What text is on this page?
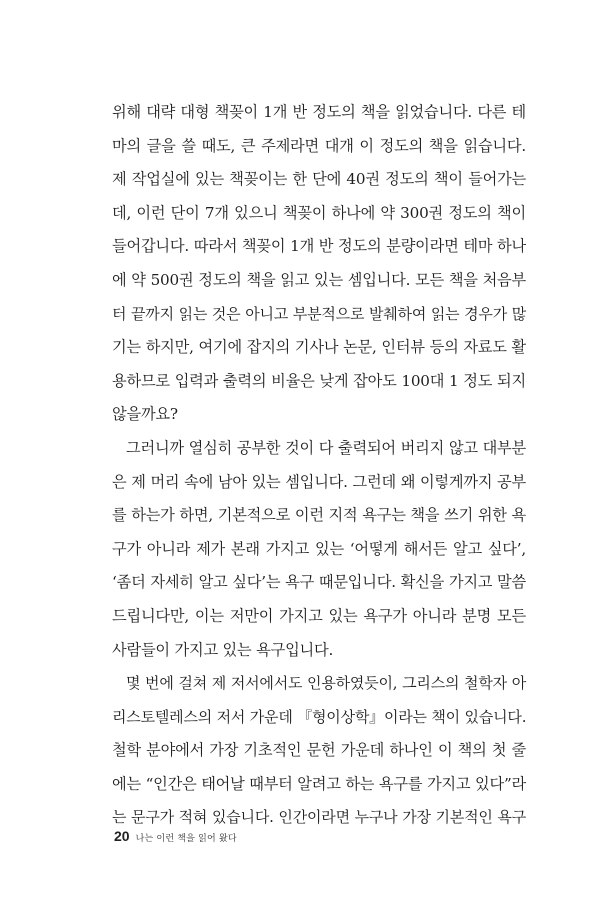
위해 대략 대형 책꽂이 1개 반 정도의 책을 읽었습니다. 다른 테
마의 글을 쓸 때도, 큰 주제라면 대개 이 정도의 책을 읽습니다.
제 작업실에 있는 책꽂이는 한 단에 40권 정도의 책이 들어가는
데, 이런 단이 7개 있으니 책꽂이 하나에 약 300권 정도의 책이
들어갑니다. 따라서 책꽂이 1개 반 정도의 분량이라면 테마 하나
에 약 500권 정도의 책을 읽고 있는 셈입니다. 모든 책을 처음부
터 끝까지 읽는 것은 아니고 부분적으로 발췌하여 읽는 경우가 많
기는 하지만, 여기에 잡지의 기사나 논문, 인터뷰 등의 자료도 활
용하므로 입력과 출력의 비율은 낮게 잡아도 100대 1 정도 되지
않을까요?
그러니까 열심히 공부한 것이 다 출력되어 버리지 않고 대부분
은 제 머리 속에 남아 있는 셈입니다. 그런데 왜 이렇게까지 공부
를 하는가 하면, 기본적으로 이런 지적 욕구는 책을 쓰기 위한 욕
구가 아니라 제가 본래 가지고 있는 ‘어떻게 해서든 알고 싶다’,
‘좀더 자세히 알고 싶다’는 욕구 때문입니다. 확신을 가지고 말씀
드립니다만, 이는 저만이 가지고 있는 욕구가 아니라 분명 모든
사람들이 가지고 있는 욕구입니다.
몇 번에 걸쳐 제 저서에서도 인용하였듯이, 그리스의 철학자 아
리스토텔레스의 저서 가운데 『형이상학』이라는 책이 있습니다.
철학 분야에서 가장 기초적인 문헌 가운데 하나인 이 책의 첫 줄
에는 “인간은 태어날 때부터 알려고 하는 욕구를 가지고 있다”라
는 문구가 적혀 있습니다. 인간이라면 누구나 가장 기본적인 욕구
20 나는 이런 책을 읽어 왔다
